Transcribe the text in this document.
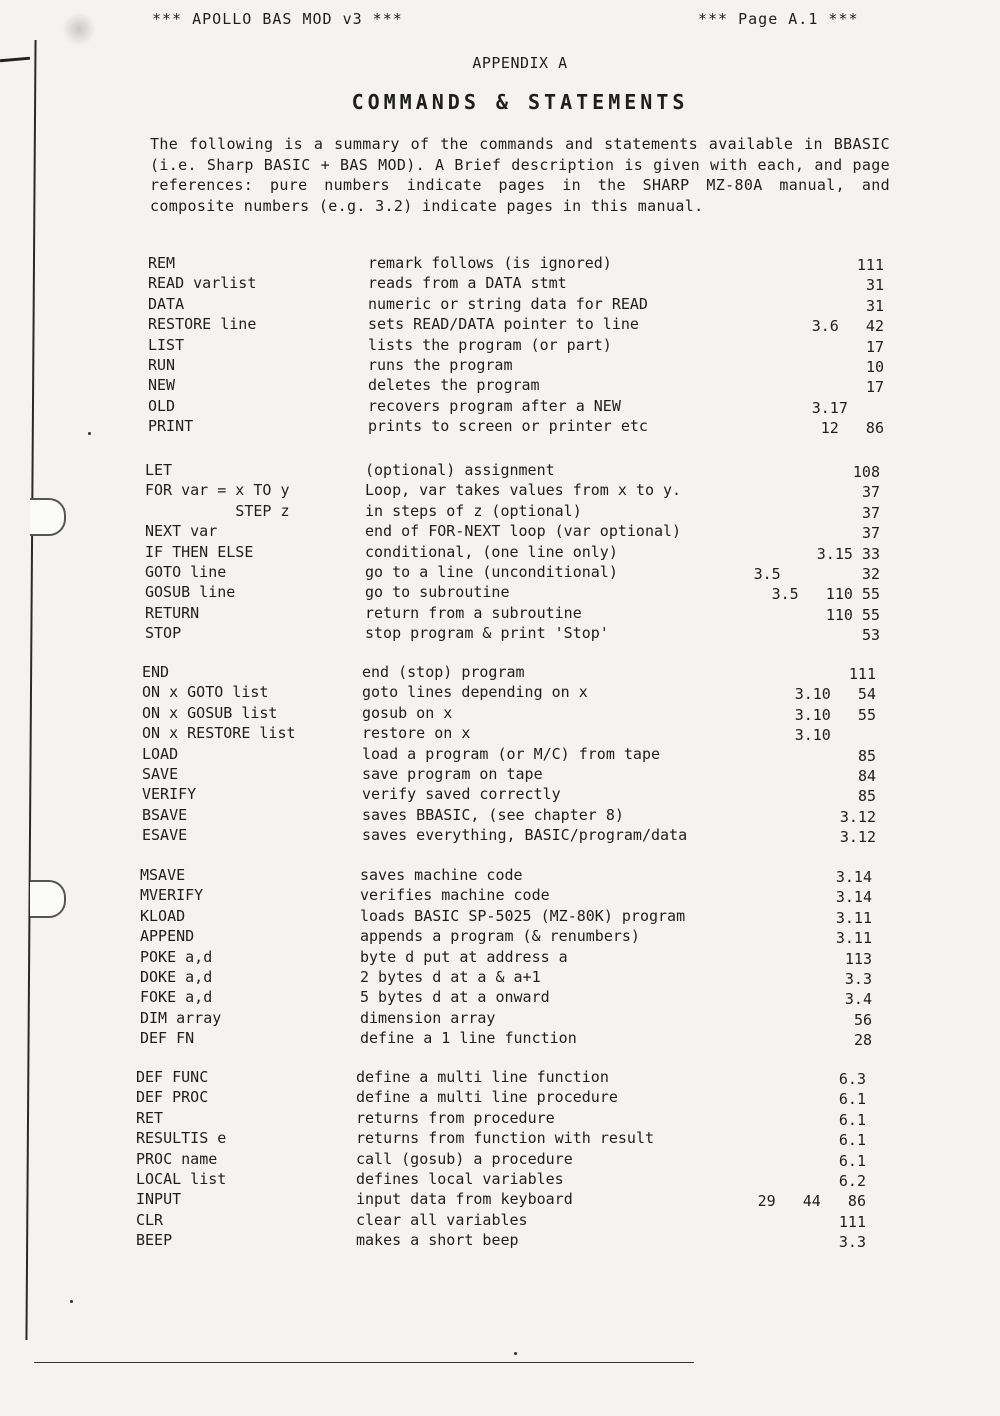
*** APOLLO BAS MOD v3 ***	*** Page A.1 ***
APPENDIX A
COMMANDS & STATEMENTS
The following is a summary of the commands and statements available in BBASIC (i.e. Sharp BASIC + BAS MOD). A Brief description is given with each, and page references: pure numbers indicate pages in the SHARP MZ-80A manual, and composite numbers (e.g. 3.2) indicate pages in this manual.
REM	remark follows (is ignored)	111
READ varlist	reads from a DATA stmt	31
DATA	numeric or string data for READ	31
RESTORE line	sets READ/DATA pointer to line	3.6   42
LIST	lists the program (or part)	17
RUN	runs the program	10
NEW	deletes the program	17
OLD	recovers program after a NEW	3.17
PRINT	prints to screen or printer etc	12   86
LET	(optional) assignment	108
FOR var = x TO y	Loop, var takes values from x to y.	37
STEP z	in steps of z (optional)	37
NEXT var	end of FOR-NEXT loop (var optional)	37
IF THEN ELSE	conditional, (one line only)	3.15 33
GOTO line	go to a line (unconditional)	3.5         32
GOSUB line	go to subroutine	3.5   110 55
RETURN	return from a subroutine	110 55
STOP	stop program & print 'Stop'	53
END	end (stop) program	111
ON x GOTO list	goto lines depending on x	3.10   54
ON x GOSUB list	gosub on x	3.10   55
ON x RESTORE list	restore on x	3.10
LOAD	load a program (or M/C) from tape	85
SAVE	save program on tape	84
VERIFY	verify saved correctly	85
BSAVE	saves BBASIC, (see chapter 8)	3.12
ESAVE	saves everything, BASIC/program/data	3.12
MSAVE	saves machine code	3.14
MVERIFY	verifies machine code	3.14
KLOAD	loads BASIC SP-5025 (MZ-80K) program	3.11
APPEND	appends a program (& renumbers)	3.11
POKE a,d	byte d put at address a	113
DOKE a,d	2 bytes d at a & a+1	3.3
FOKE a,d	5 bytes d at a onward	3.4
DIM array	dimension array	56
DEF FN	define a 1 line function	28
DEF FUNC	define a multi line function	6.3
DEF PROC	define a multi line procedure	6.1
RET	returns from procedure	6.1
RESULTIS e	returns from function with result	6.1
PROC name	call (gosub) a procedure	6.1
LOCAL list	defines local variables	6.2
INPUT	input data from keyboard	29   44   86
CLR	clear all variables	111
BEEP	makes a short beep	3.3
